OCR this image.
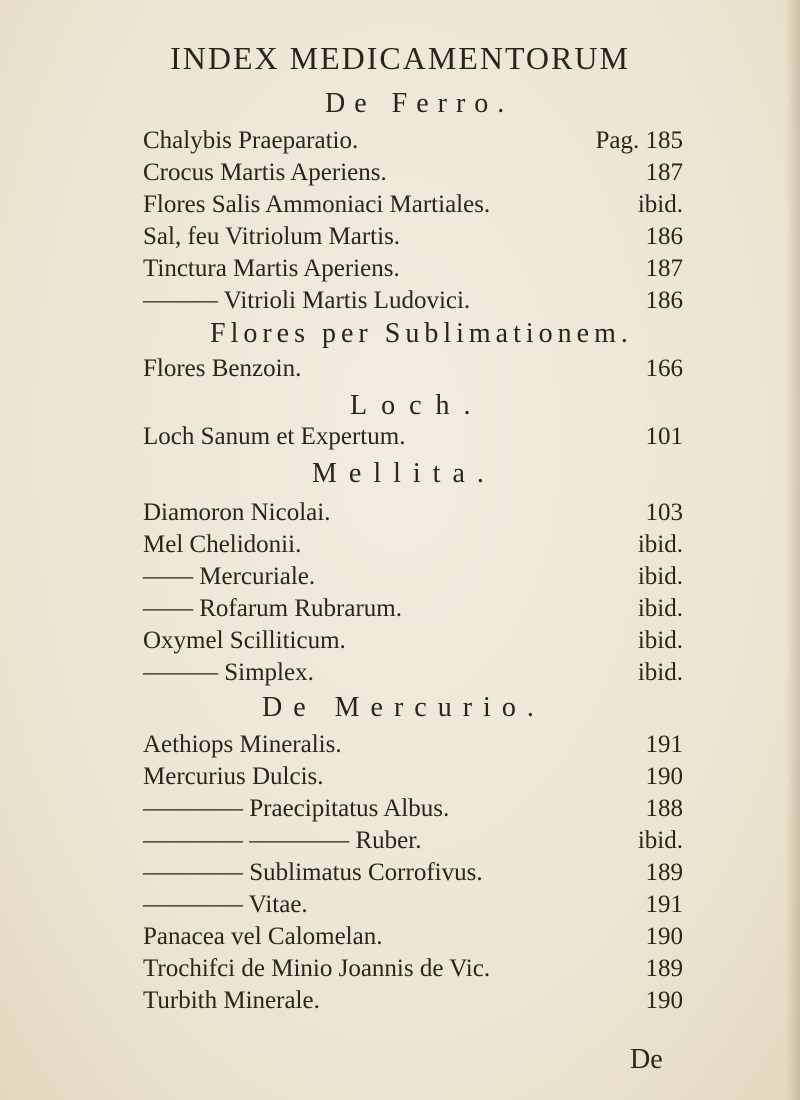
INDEX MEDICAMENTORUM
De Ferro.
Chalybis Praeparatio.	Pag. 185
Crocus Martis Aperiens.	187
Flores Salis Ammoniaci Martiales.	ibid.
Sal, feu Vitriolum Martis.	186
Tinctura Martis Aperiens.	187
——— Vitrioli Martis Ludovici.	186
Flores per Sublimationem.
Flores Benzoin.	166
Loch.
Loch Sanum et Expertum.	101
Mellita.
Diamoron Nicolai.	103
Mel Chelidonii.	ibid.
—— Mercuriale.	ibid.
—— Rofarum Rubrarum.	ibid.
Oxymel Scilliticum.	ibid.
——— Simplex.	ibid.
De Mercurio.
Aethiops Mineralis.	191
Mercurius Dulcis.	190
———— Praecipitatus Albus.	188
———— ———— Ruber.	ibid.
———— Sublimatus Corrofivus.	189
———— Vitae.	191
Panacea vel Calomelan.	190
Trochifci de Minio Joannis de Vic.	189
Turbith Minerale.	190
De
